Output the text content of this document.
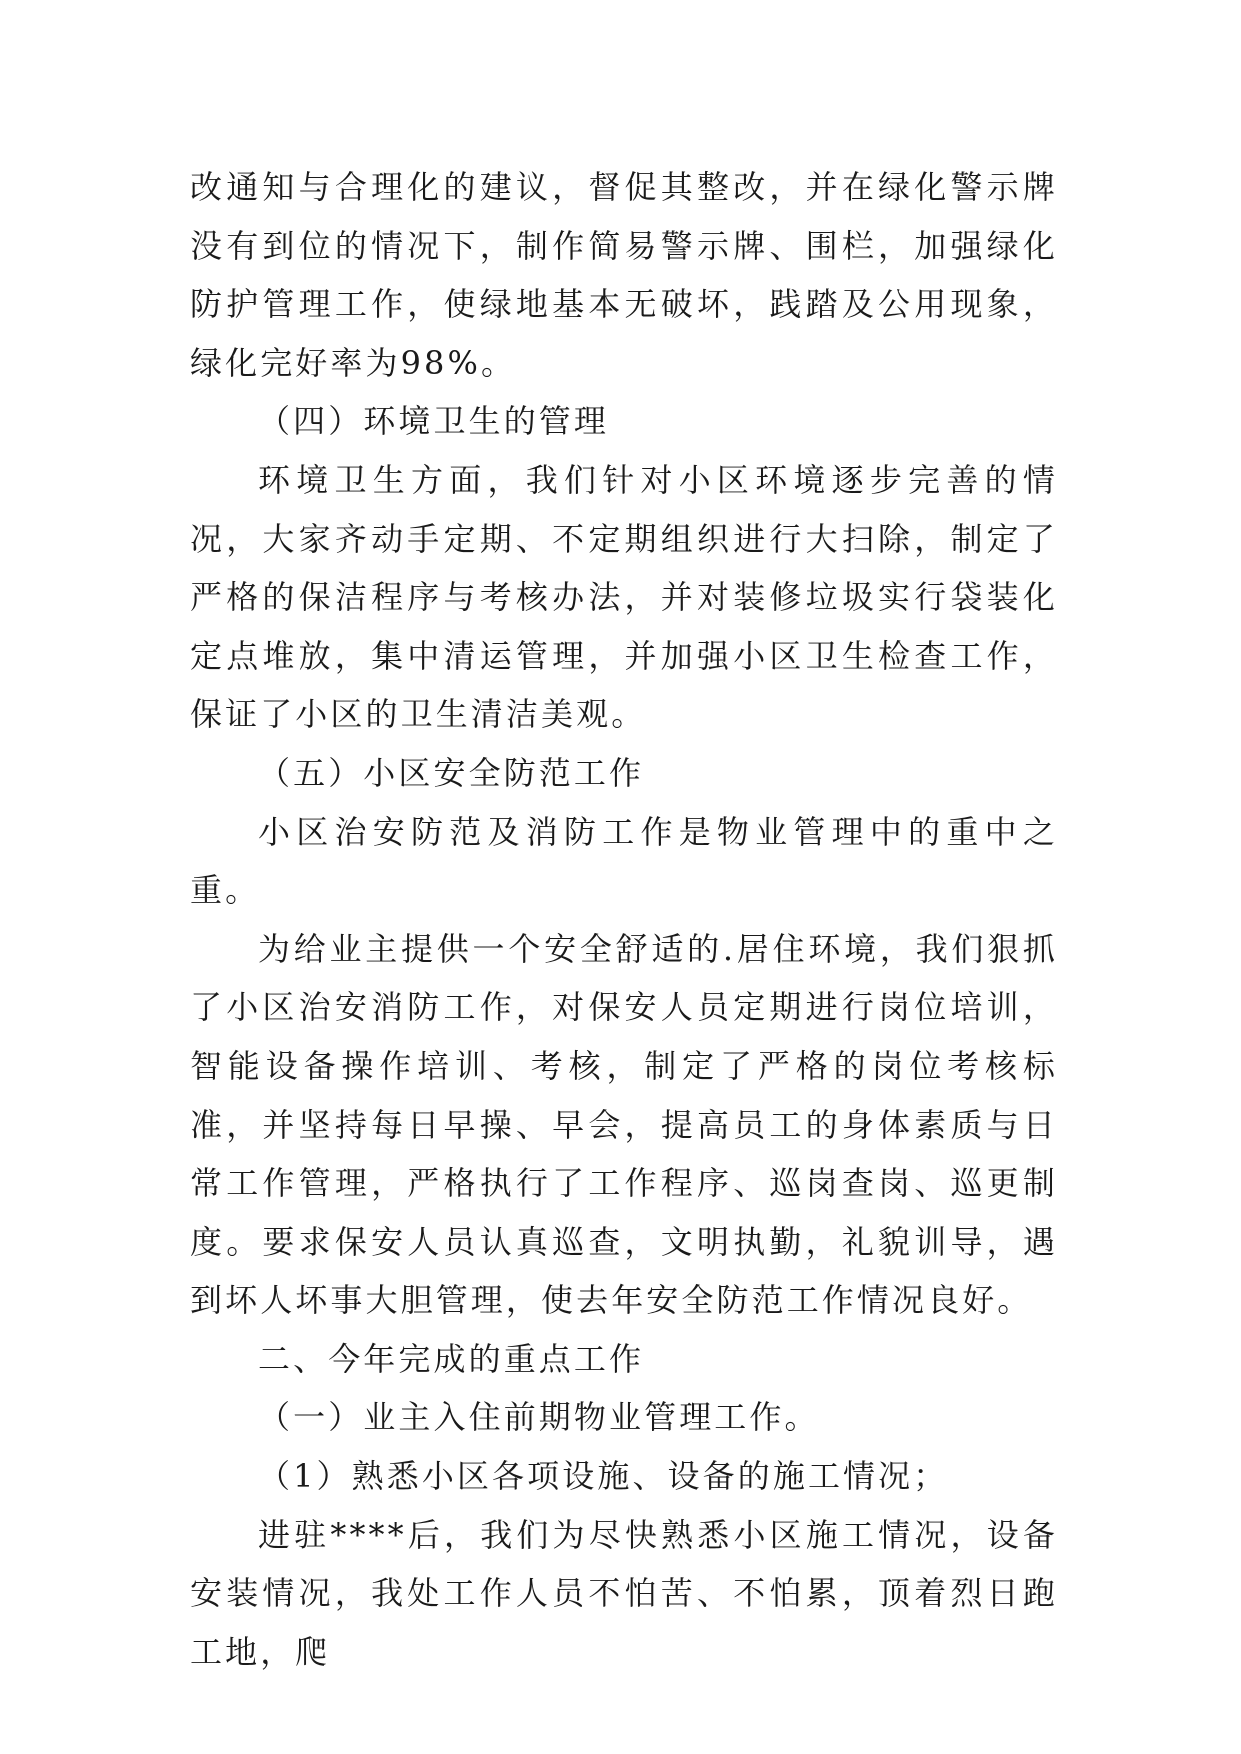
改通知与合理化的建议，督促其整改，并在绿化警示牌没有到位的情况下，制作简易警示牌、围栏，加强绿化防护管理工作，使绿地基本无破坏，践踏及公用现象，绿化完好率为98%。

（四）环境卫生的管理

环境卫生方面，我们针对小区环境逐步完善的情况，大家齐动手定期、不定期组织进行大扫除，制定了严格的保洁程序与考核办法，并对装修垃圾实行袋装化定点堆放，集中清运管理，并加强小区卫生检查工作，保证了小区的卫生清洁美观。

（五）小区安全防范工作

小区治安防范及消防工作是物业管理中的重中之重。

为给业主提供一个安全舒适的.居住环境，我们狠抓了小区治安消防工作，对保安人员定期进行岗位培训，智能设备操作培训、考核，制定了严格的岗位考核标准，并坚持每日早操、早会，提高员工的身体素质与日常工作管理，严格执行了工作程序、巡岗查岗、巡更制度。要求保安人员认真巡查，文明执勤，礼貌训导，遇到坏人坏事大胆管理，使去年安全防范工作情况良好。

二、今年完成的重点工作

（一）业主入住前期物业管理工作。

（1）熟悉小区各项设施、设备的施工情况；

进驻****后，我们为尽快熟悉小区施工情况，设备安装情况，我处工作人员不怕苦、不怕累，顶着烈日跑工地，爬
